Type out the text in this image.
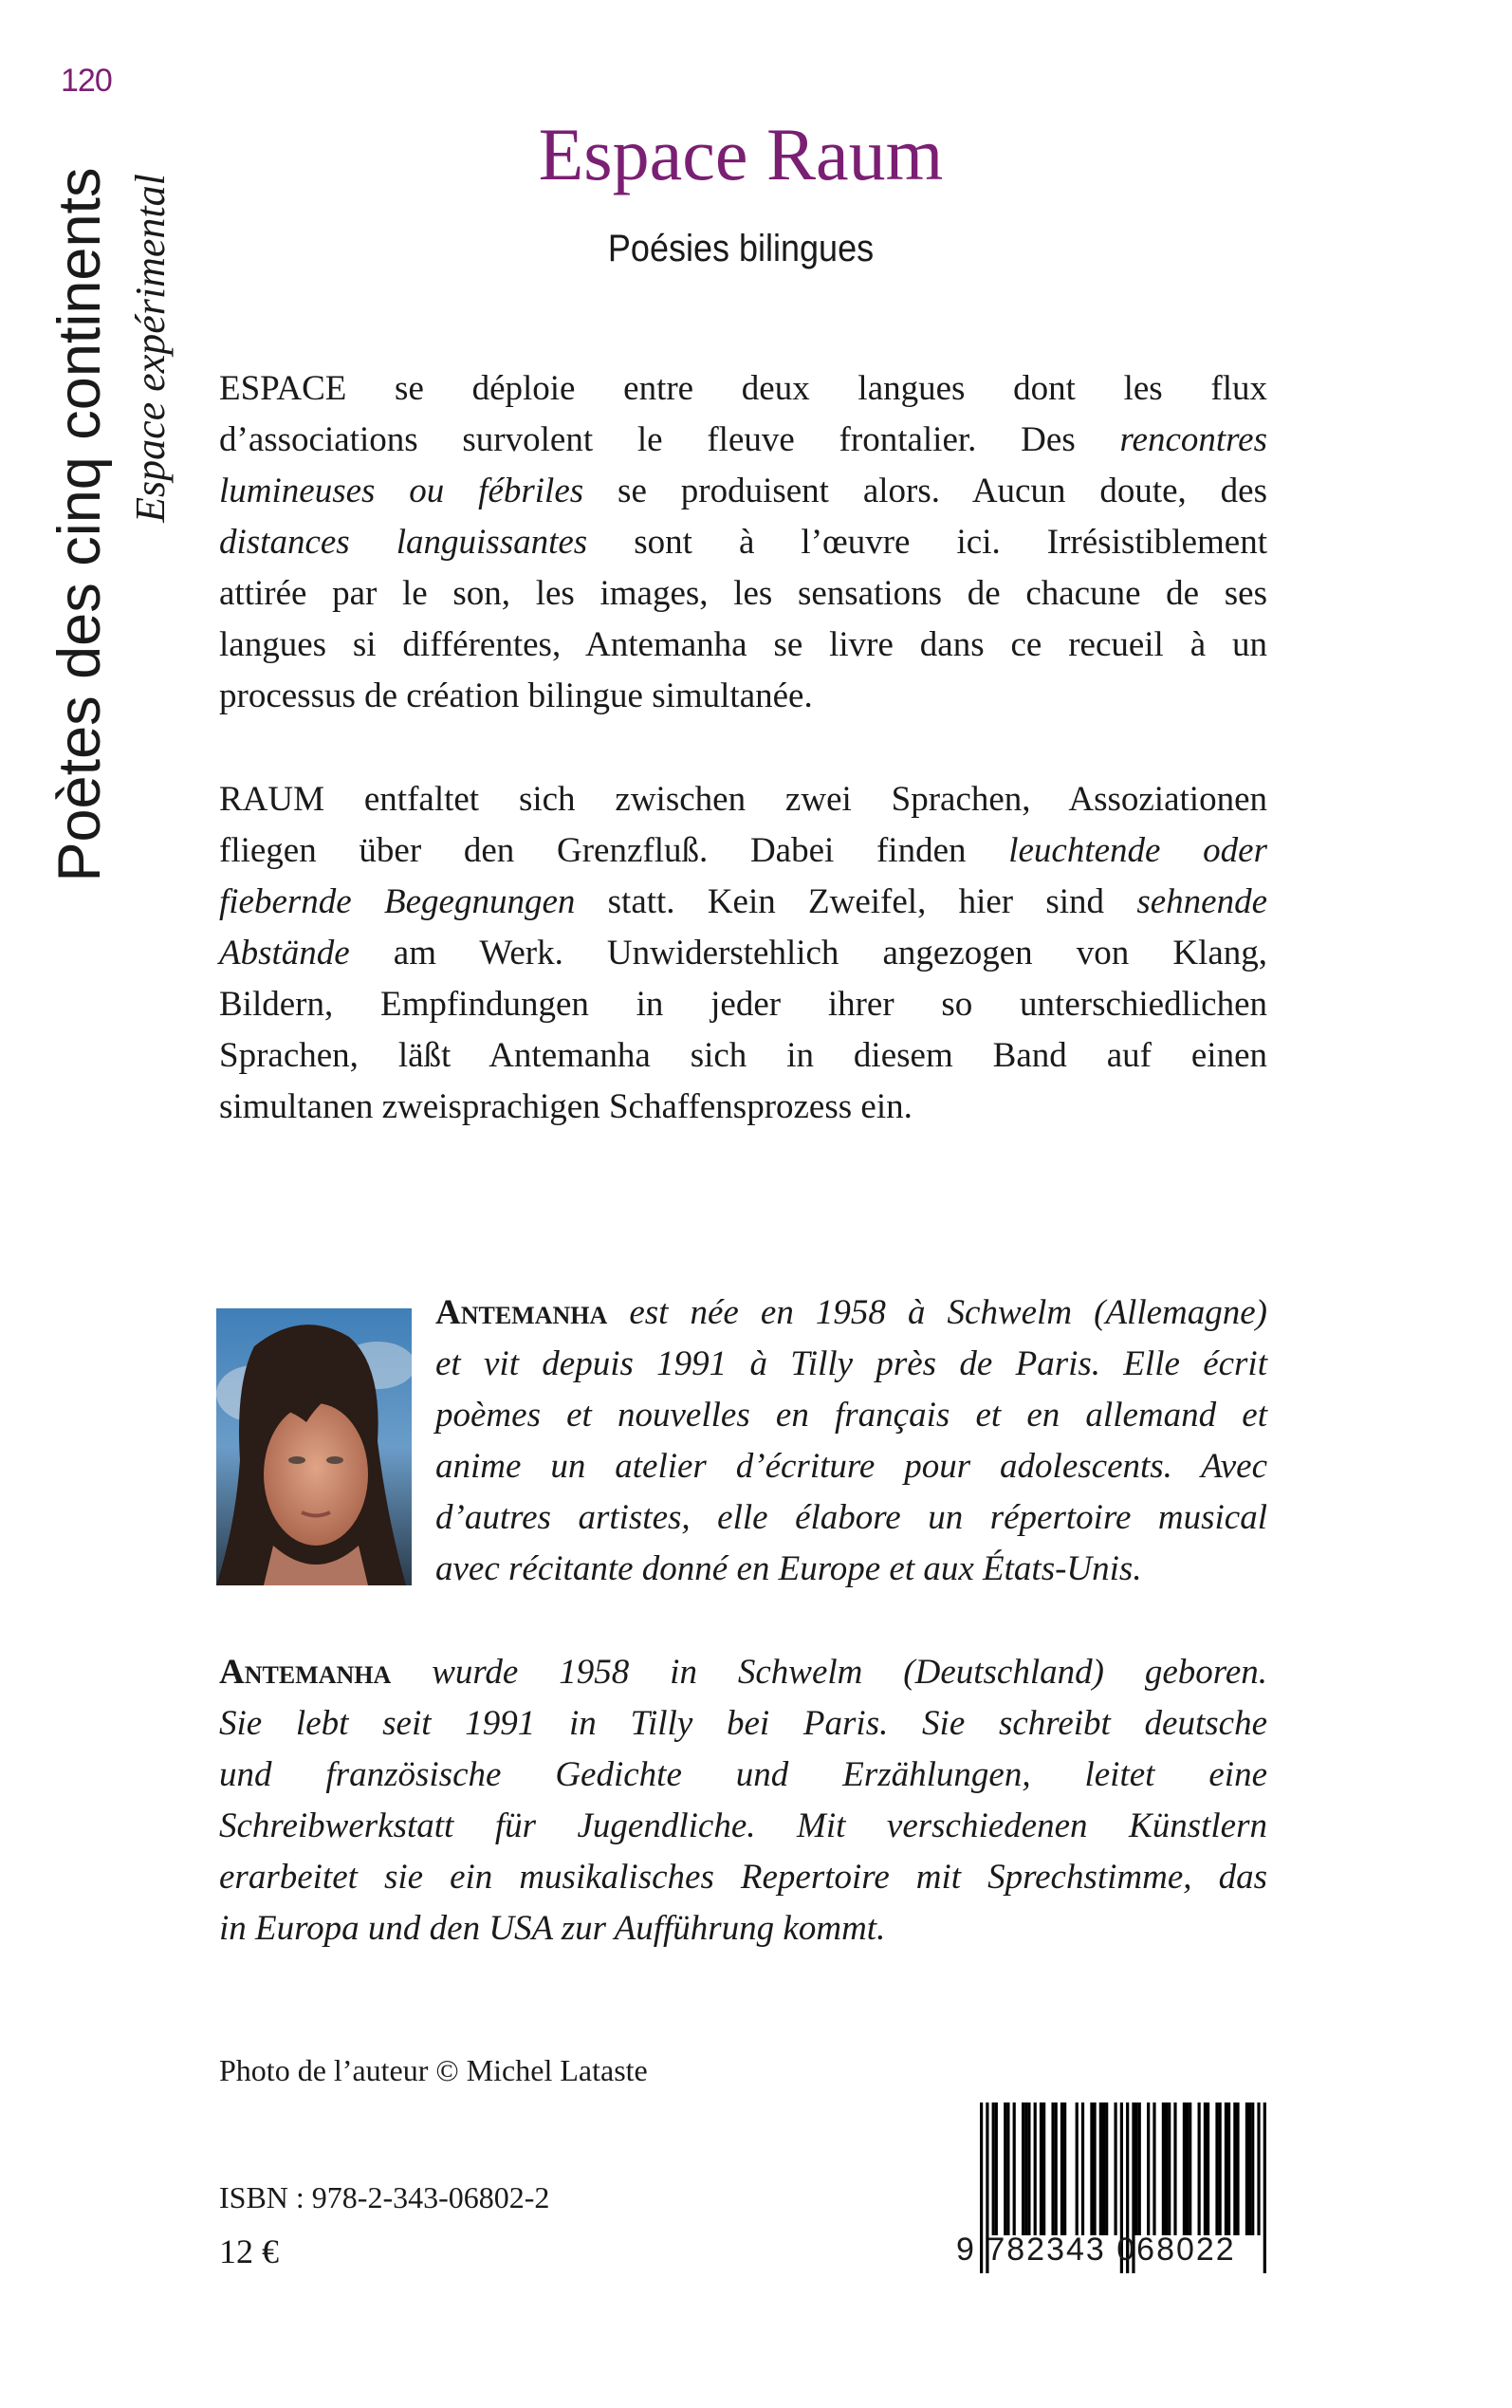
120
Poètes des cinq continents Espace expérimental
Espace Raum
Poésies bilingues
ESPACE se déploie entre deux langues dont les flux
d’associations survolent le fleuve frontalier. Des rencontres
lumineuses ou fébriles se produisent alors. Aucun doute, des
distances languissantes sont à l’œuvre ici. Irrésistiblement
attirée par le son, les images, les sensations de chacune de ses
langues si différentes, Antemanha se livre dans ce recueil à un
processus de création bilingue simultanée.
RAUM entfaltet sich zwischen zwei Sprachen, Assoziationen
fliegen über den Grenzfluß. Dabei finden leuchtende oder
fiebernde Begegnungen statt. Kein Zweifel, hier sind sehnende
Abstände am Werk. Unwiderstehlich angezogen von Klang,
Bildern, Empfindungen in jeder ihrer so unterschiedlichen
Sprachen, läßt Antemanha sich in diesem Band auf einen
simultanen zweisprachigen Schaffensprozess ein.
Antemanha est née en 1958 à Schwelm (Allemagne)
et vit depuis 1991 à Tilly près de Paris. Elle écrit
poèmes et nouvelles en français et en allemand et
anime un atelier d’écriture pour adolescents. Avec
d’autres artistes, elle élabore un répertoire musical
avec récitante donné en Europe et aux États-Unis.
Antemanha wurde 1958 in Schwelm (Deutschland) geboren.
Sie lebt seit 1991 in Tilly bei Paris. Sie schreibt deutsche
und französische Gedichte und Erzählungen, leitet eine
Schreibwerkstatt für Jugendliche. Mit verschiedenen Künstlern
erarbeitet sie ein musikalisches Repertoire mit Sprechstimme, das
in Europa und den USA zur Aufführung kommt.
Photo de l’auteur © Michel Lataste
ISBN : 978-2-343-06802-2
12 €	9 782343 068022
